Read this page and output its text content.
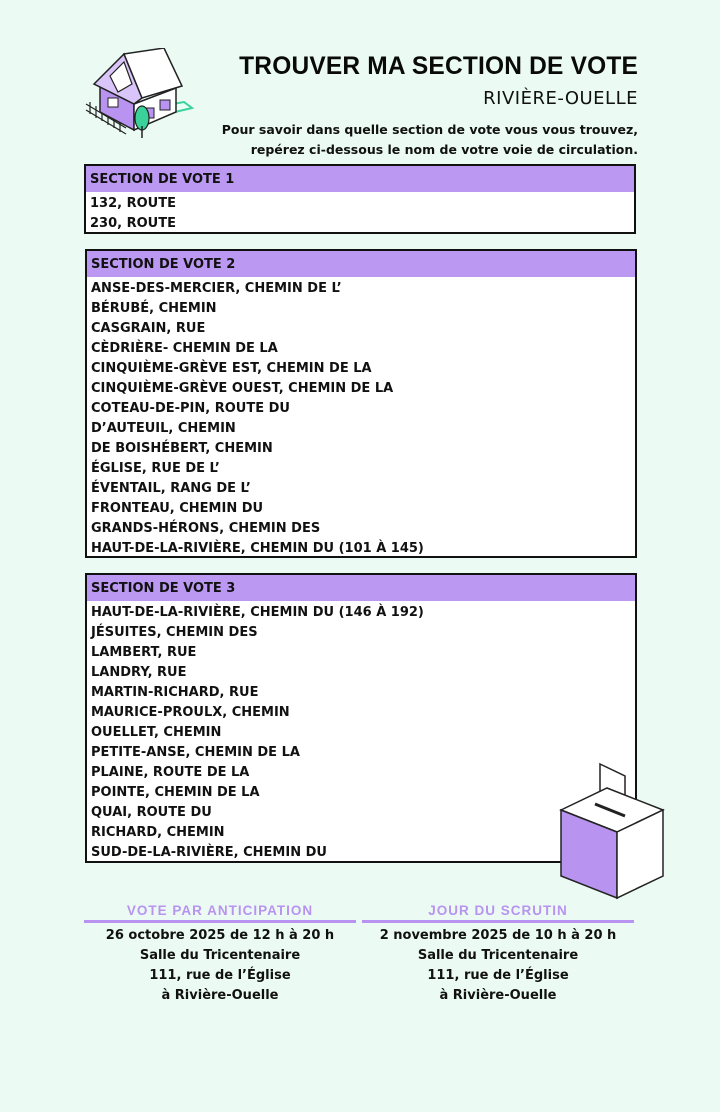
TROUVER MA SECTION DE VOTE
RIVIÈRE-OUELLE
Pour savoir dans quelle section de vote vous vous trouvez,
repérez ci-dessous le nom de votre voie de circulation.
SECTION DE VOTE 1
132, ROUTE
230, ROUTE
SECTION DE VOTE 2
ANSE-DES-MERCIER, CHEMIN DE L’
BÉRUBÉ, CHEMIN
CASGRAIN, RUE
CÈDRIÈRE- CHEMIN DE LA
CINQUIÈME-GRÈVE EST, CHEMIN DE LA
CINQUIÈME-GRÈVE OUEST, CHEMIN DE LA
COTEAU-DE-PIN, ROUTE DU
D’AUTEUIL, CHEMIN
DE BOISHÉBERT, CHEMIN
ÉGLISE, RUE DE L’
ÉVENTAIL, RANG DE L’
FRONTEAU, CHEMIN DU
GRANDS-HÉRONS, CHEMIN DES
HAUT-DE-LA-RIVIÈRE, CHEMIN DU (101 À 145)
SECTION DE VOTE 3
HAUT-DE-LA-RIVIÈRE, CHEMIN DU (146 À 192)
JÉSUITES, CHEMIN DES
LAMBERT, RUE
LANDRY, RUE
MARTIN-RICHARD, RUE
MAURICE-PROULX, CHEMIN
OUELLET, CHEMIN
PETITE-ANSE, CHEMIN DE LA
PLAINE, ROUTE DE LA
POINTE, CHEMIN DE LA
QUAI, ROUTE DU
RICHARD, CHEMIN
SUD-DE-LA-RIVIÈRE, CHEMIN DU
VOTE PAR ANTICIPATION
26 octobre 2025 de 12 h à 20 h
Salle du Tricentenaire
111, rue de l’Église
à Rivière-Ouelle
JOUR DU SCRUTIN
2 novembre 2025 de 10 h à 20 h
Salle du Tricentenaire
111, rue de l’Église
à Rivière-Ouelle
